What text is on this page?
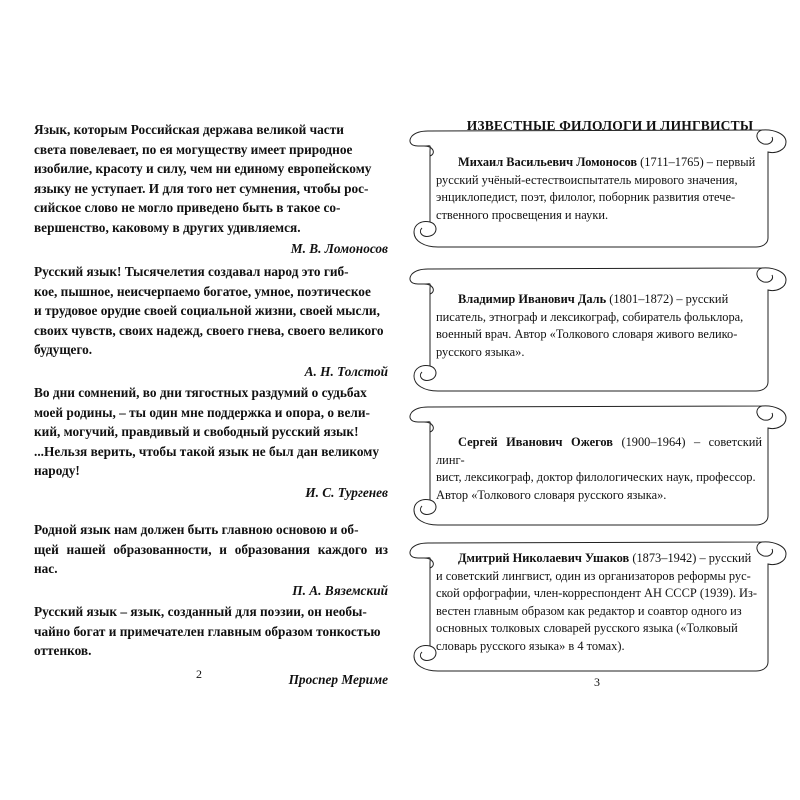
Язык, которым Российская держава великой части
света повелевает, по ея могуществу имеет природное
изобилие, красоту и силу, чем ни единому европейскому
языку не уступает. И для того нет сумнения, чтобы рос-
сийское слово не могло приведено быть в такое со-
вершенство, каковому в других удивляемся.

М. В. Ломоносов

Русский язык! Тысячелетия создавал народ это гиб-
кое, пышное, неисчерпаемо богатое, умное, поэтическое
и трудовое орудие своей социальной жизни, своей мысли,
своих чувств, своих надежд, своего гнева, своего великого
будущего.

А. Н. Толстой

Во дни сомнений, во дни тягостных раздумий о судьбах
моей родины, – ты один мне поддержка и опора, о вели-
кий, могучий, правдивый и свободный русский язык!
...Нельзя верить, чтобы такой язык не был дан великому
народу!

И. С. Тургенев

Родной язык нам должен быть главною основою и об-
щей нашей образованности, и образования каждого из нас.

П. А. Вяземский

Русский язык – язык, созданный для поэзии, он необы-
чайно богат и примечателен главным образом тонкостью
оттенков.

Проспер Мериме

2

ИЗВЕСТНЫЕ ФИЛОЛОГИ И ЛИНГВИСТЫ

Михаил Васильевич Ломоносов (1711–1765) – первый
русский учёный-естествоиспытатель мирового значения,
энциклопедист, поэт, филолог, поборник развития отече-
ственного просвещения и науки.

Владимир Иванович Даль (1801–1872) – русский
писатель, этнограф и лексикограф, собиратель фольклора,
военный врач. Автор «Толкового словаря живого велико-
русского языка».

Сергей Иванович Ожегов (1900–1964) – советский линг-
вист, лексикограф, доктор филологических наук, профессор.
Автор «Толкового словаря русского языка».

Дмитрий Николаевич Ушаков (1873–1942) – русский
и советский лингвист, один из организаторов реформы рус-
ской орфографии, член-корреспондент АН СССР (1939). Из-
вестен главным образом как редактор и соавтор одного из
основных толковых словарей русского языка («Толковый
словарь русского языка» в 4 томах).

3
